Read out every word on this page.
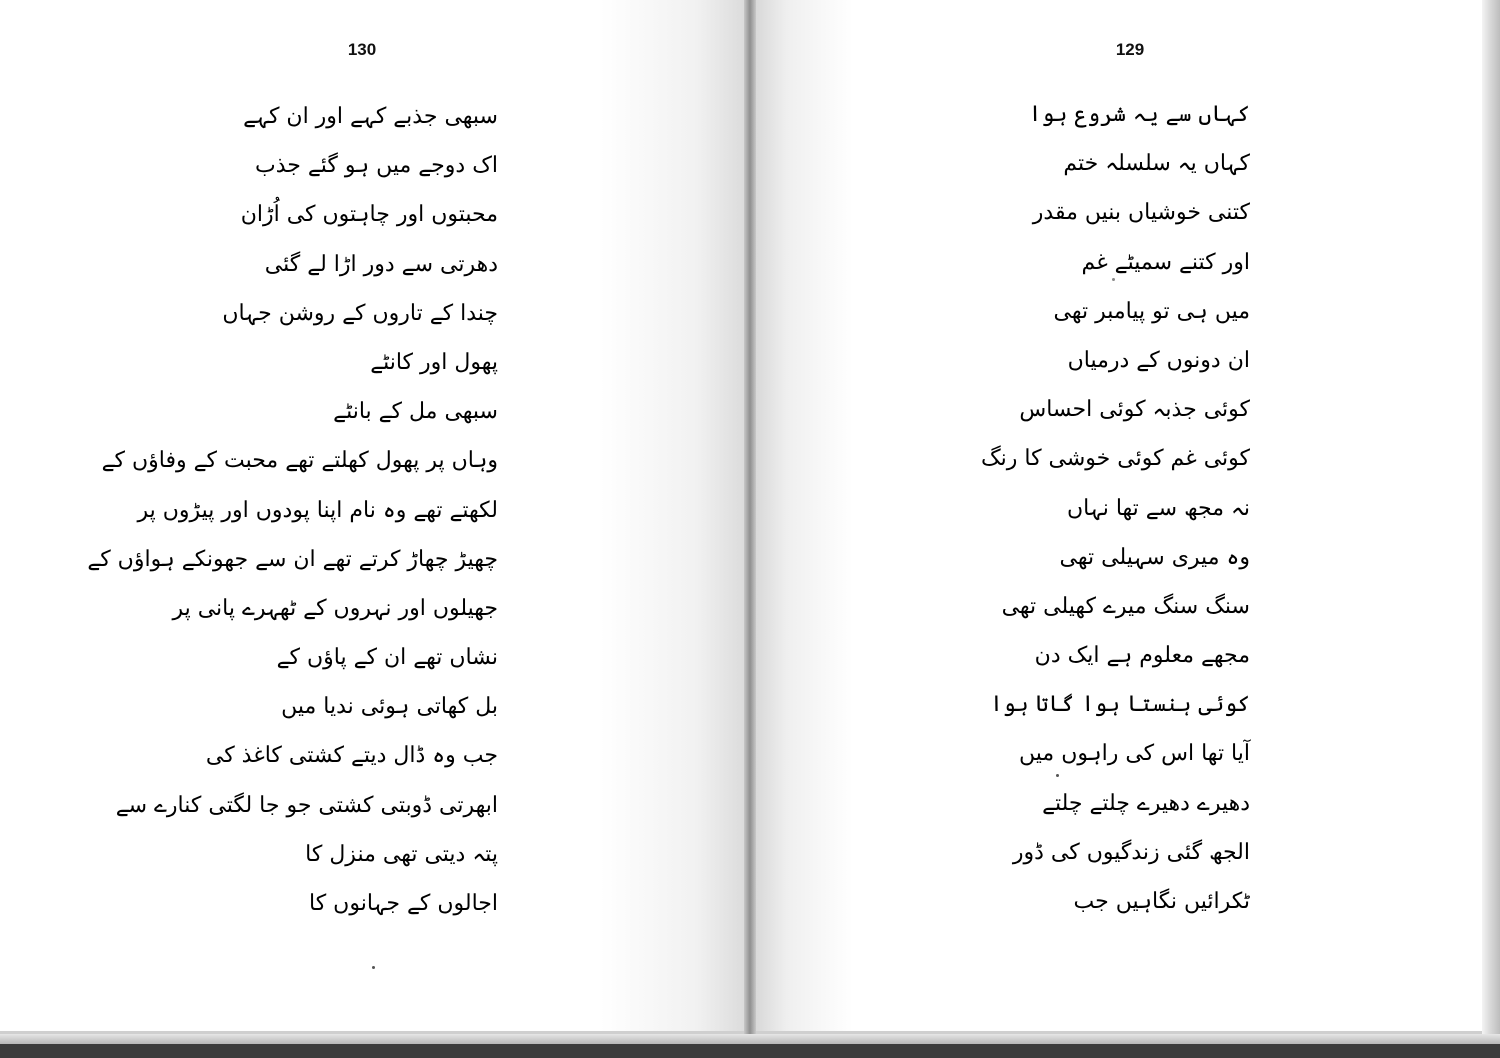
130
سبھی جذبے کہے اور ان کہے
اک دوجے میں ہو گئے جذب
محبتوں اور چاہتوں کی اُڑان
دھرتی سے دور اڑا لے گئی
چندا کے تاروں کے روشن جہاں
پھول اور کانٹے
سبھی مل کے بانٹے
وہاں پر پھول کھلتے تھے محبت کے وفاؤں کے
لکھتے تھے وہ نام اپنا پودوں اور پیڑوں پر
چھیڑ چھاڑ کرتے تھے ان سے جھونکے ہواؤں کے
جھیلوں اور نہروں کے ٹھہرے پانی پر
نشاں تھے ان کے پاؤں کے
بل کھاتی ہوئی ندیا میں
جب وہ ڈال دیتے کشتی کاغذ کی
ابھرتی ڈوبتی کشتی جو جا لگتی کنارے سے
پتہ دیتی تھی منزل کا
اجالوں کے جہانوں کا
129
کہاں سے یہ شروع ہوا
کہاں یہ سلسلہ ختم
کتنی خوشیاں بنیں مقدر
اور کتنے سمیٹے غم
میں ہی تو پیامبر تھی
ان دونوں کے درمیاں
کوئی جذبہ کوئی احساس
کوئی غم کوئی خوشی کا رنگ
نہ مجھ سے تھا نہاں
وہ میری سہیلی تھی
سنگ سنگ میرے کھیلی تھی
مجھے معلوم ہے ایک دن
کوئی ہنستا ہوا گاتا ہوا
آیا تھا اس کی راہوں میں
دھیرے دھیرے چلتے چلتے
الجھ گئی زندگیوں کی ڈور
ٹکرائیں نگاہیں جب
